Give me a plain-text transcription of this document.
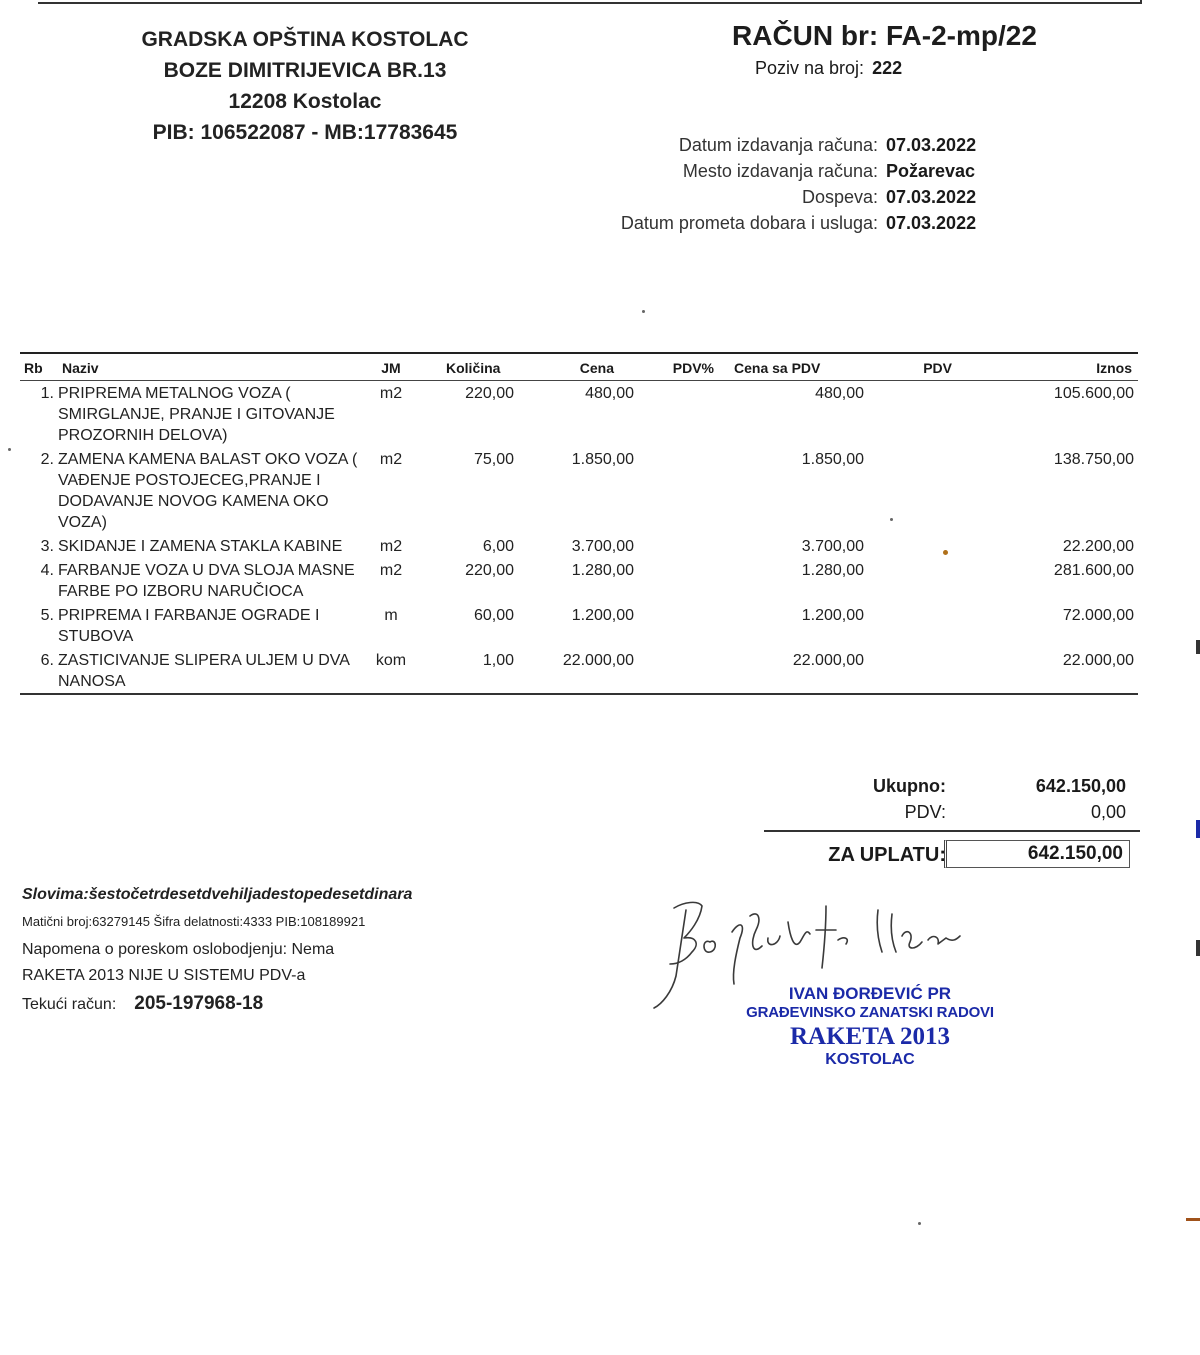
GRADSKA OPŠTINA KOSTOLAC
BOZE DIMITRIJEVICA BR.13
12208 Kostolac
PIB: 106522087 - MB:17783645
RAČUN br: FA-2-mp/22
Poziv na broj: 222
Datum izdavanja računa: 07.03.2022
Mesto izdavanja računa: Požarevac
Dospeva: 07.03.2022
Datum prometa dobara i usluga: 07.03.2022
Rb	Naziv	JM	Količina	Cena	PDV%	Cena sa PDV	PDV	Iznos
1.	PRIPREMA METALNOG VOZA ( SMIRGLANJE, PRANJE I GITOVANJE PROZORNIH DELOVA)	m2	220,00	480,00		480,00		105.600,00
2.	ZAMENA KAMENA BALAST OKO VOZA ( VAĐENJE POSTOJECEG,PRANJE I DODAVANJE NOVOG KAMENA OKO VOZA)	m2	75,00	1.850,00		1.850,00		138.750,00
3.	SKIDANJE I ZAMENA STAKLA KABINE	m2	6,00	3.700,00		3.700,00		22.200,00
4.	FARBANJE VOZA U DVA SLOJA MASNE FARBE PO IZBORU NARUČIOCA	m2	220,00	1.280,00		1.280,00		281.600,00
5.	PRIPREMA I FARBANJE OGRADE I STUBOVA	m	60,00	1.200,00		1.200,00		72.000,00
6.	ZASTICIVANJE SLIPERA ULJEM U DVA NANOSA	kom	1,00	22.000,00		22.000,00		22.000,00
Ukupno:	642.150,00
PDV:	0,00
ZA UPLATU:	642.150,00
Slovima:šestočetrdesetdvehiljadestopedesetdinara
Matični broj:63279145 Šifra delatnosti:4333 PIB:108189921
Napomena o poreskom oslobodjenju: Nema
RAKETA 2013 NIJE U SISTEMU PDV-a
Tekući račun: 205-197968-18	IVAN ĐORĐEVIĆ PR
GRAĐEVINSKO ZANATSKI RADOVI
RAKETA 2013
KOSTOLAC
